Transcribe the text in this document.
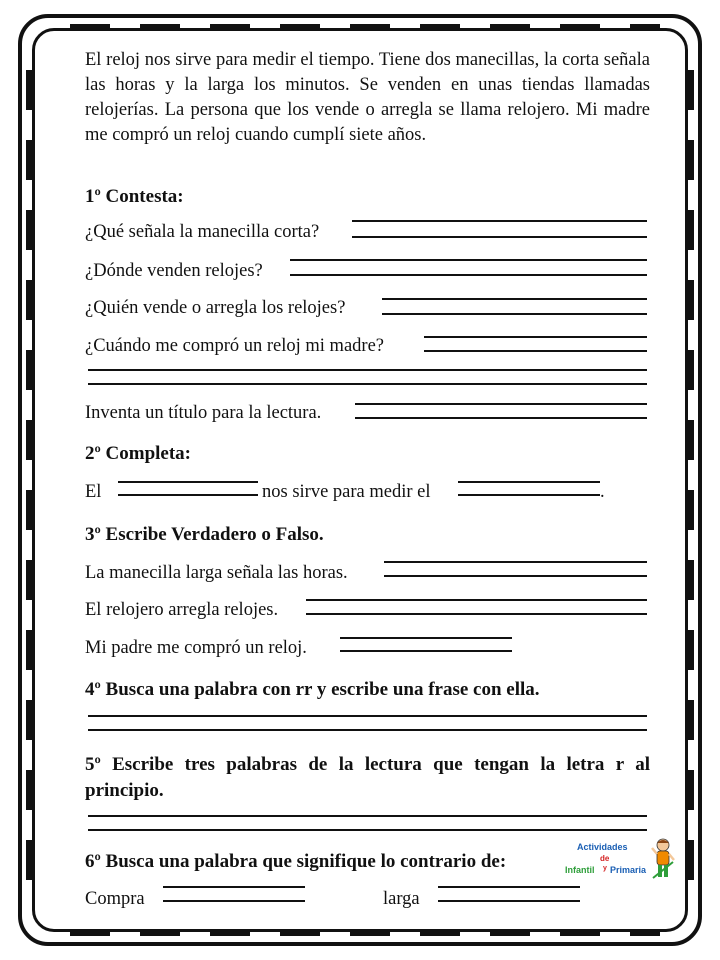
El reloj nos sirve para medir el tiempo. Tiene dos manecillas, la corta señala las horas y la larga los minutos. Se venden en unas tiendas llamadas relojerías. La persona que los vende o arregla se llama relojero. Mi madre me compró un reloj cuando cumplí siete años.

1º Contesta:
¿Qué señala la manecilla corta?
¿Dónde venden relojes?
¿Quién vende o arregla los relojes?
¿Cuándo me compró un reloj mi madre?
Inventa un título para la lectura.
2º Completa:
El	nos sirve para medir el	.
3º Escribe Verdadero o Falso.
La manecilla larga señala las horas.
El relojero arregla relojes.
Mi padre me compró un reloj.
4º Busca una palabra con rr y escribe una frase con ella.
5º Escribe tres palabras de la lectura que tengan la letra r al principio.
6º Busca una palabra que signifique lo contrario de:
Compra	larga
Actividades
de
Infantil y Primaria
